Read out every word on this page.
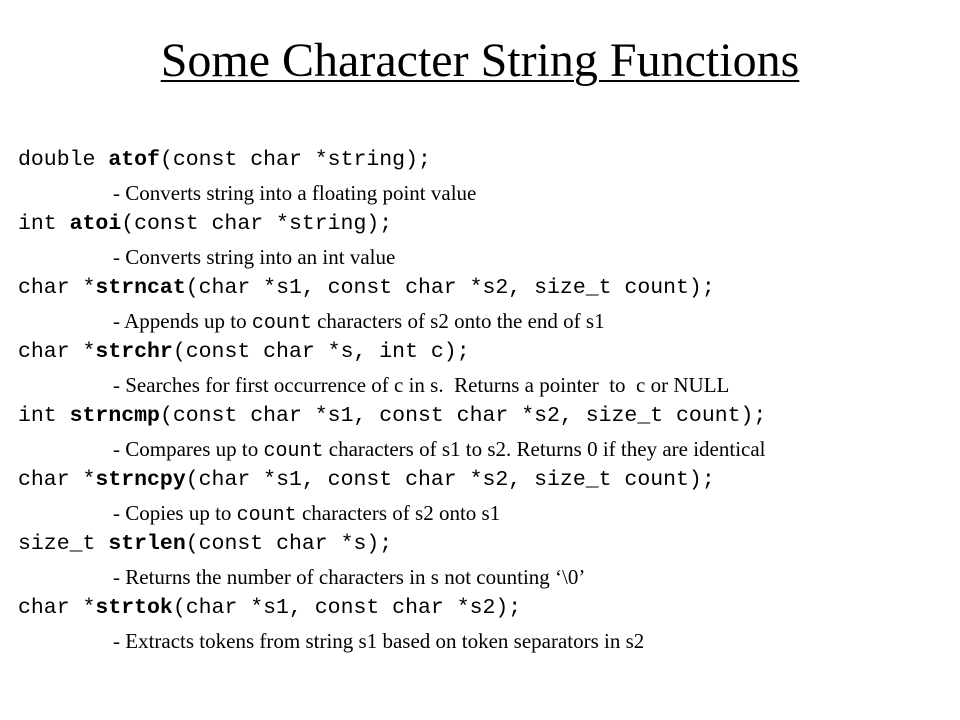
Some Character String Functions

double atof(const char *string);

- Converts string into a floating point value

int atoi(const char *string);

- Converts string into an int value

char *strncat(char *s1, const char *s2, size_t count);

- Appends up to count characters of s2 onto the end of s1

char *strchr(const char *s, int c);

- Searches for first occurrence of c in s.  Returns a pointer  to  c or NULL

int strncmp(const char *s1, const char *s2, size_t count);

- Compares up to count characters of s1 to s2. Returns 0 if they are identical

char *strncpy(char *s1, const char *s2, size_t count);

- Copies up to count characters of s2 onto s1

size_t strlen(const char *s);

- Returns the number of characters in s not counting ‘\0’

char *strtok(char *s1, const char *s2);

- Extracts tokens from string s1 based on token separators in s2
